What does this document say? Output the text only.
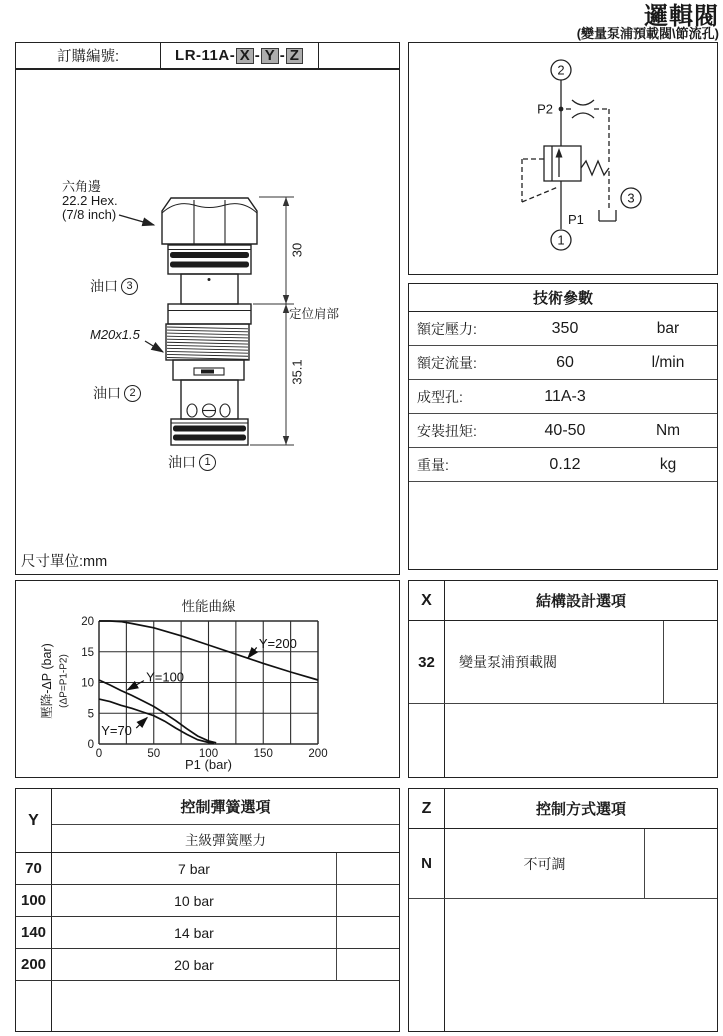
邏輯閥
(變量泵浦預載閥\節流孔)
訂購編號:	LR-11A- X - Y - Z
六角邊
22.2 Hex.
(7/8 inch)
油口 3
M20x1.5
油口 2
油口 1
定位肩部
30
35.1
尺寸單位:mm
2
1
3
P2
P1
技術參數
額定壓力:	350	bar
額定流量:	60	l/min
成型孔:	11A-3
安裝扭矩:	40-50	Nm
重量:	0.12	kg
0	50	100	150	200
5
10
15
20
0
Y=200
Y=100
Y=70
性能曲線
P1 (bar)
壓降-ΔP (bar) (ΔP=P1-P2)
X	結構設計選項
32	變量泵浦預載閥
Y
控制彈簧選項
主級彈簧壓力
70	7 bar
100	10 bar
140	14 bar
200	20 bar
Z	控制方式選項
N	不可調
